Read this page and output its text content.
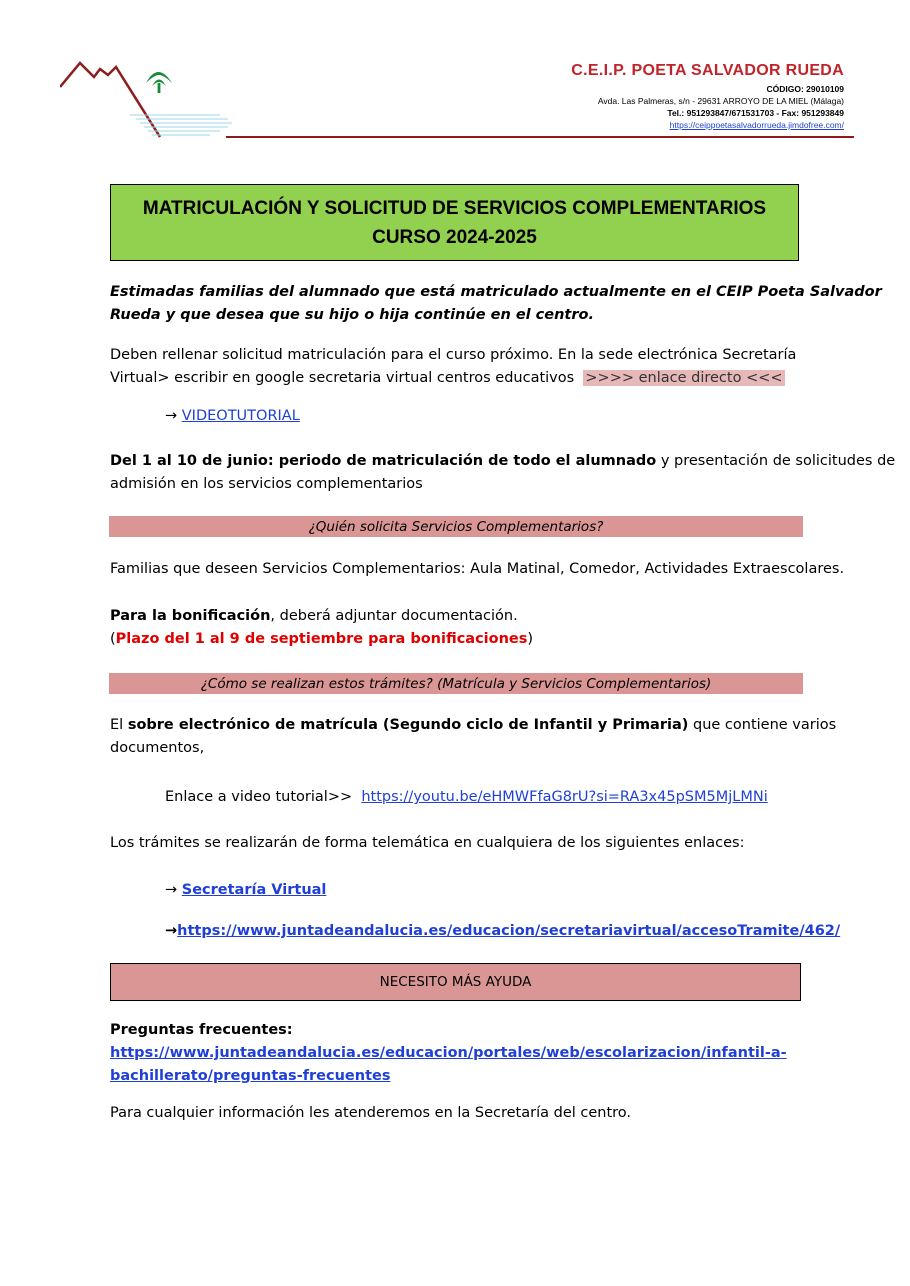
C.E.I.P. POETA SALVADOR RUEDA
CÓDIGO: 29010109
Avda. Las Palmeras, s/n - 29631 ARROYO DE LA MIEL (Málaga)
Tel.: 951293847/671531703 - Fax: 951293849
https://ceippoetasalvadorrueda.jimdofree.com/
MATRICULACIÓN Y SOLICITUD DE SERVICIOS COMPLEMENTARIOS
CURSO 2024-2025
Estimadas familias del alumnado que está matriculado actualmente en el CEIP Poeta Salvador
Rueda y que desea que su hijo o hija continúe en el centro.
Deben rellenar solicitud matriculación para el curso próximo. En la sede electrónica Secretaría
Virtual> escribir en google secretaria virtual centros educativos >>>> enlace directo <<<
→ VIDEOTUTORIAL
Del 1 al 10 de junio: periodo de matriculación de todo el alumnado y presentación de solicitudes de
admisión en los servicios complementarios
¿Quién solicita Servicios Complementarios?
Familias que deseen Servicios Complementarios: Aula Matinal, Comedor, Actividades Extraescolares.
Para la bonificación, deberá adjuntar documentación.
(Plazo del 1 al 9 de septiembre para bonificaciones)
¿Cómo se realizan estos trámites? (Matrícula y Servicios Complementarios)
El sobre electrónico de matrícula (Segundo ciclo de Infantil y Primaria) que contiene varios
documentos,
Enlace a video tutorial>> https://youtu.be/eHMWFfaG8rU?si=RA3x45pSM5MjLMNi
Los trámites se realizarán de forma telemática en cualquiera de los siguientes enlaces:
→ Secretaría Virtual
→https://www.juntadeandalucia.es/educacion/secretariavirtual/accesoTramite/462/
NECESITO MÁS AYUDA
Preguntas frecuentes:
https://www.juntadeandalucia.es/educacion/portales/web/escolarizacion/infantil-a-
bachillerato/preguntas-frecuentes
Para cualquier información les atenderemos en la Secretaría del centro.
